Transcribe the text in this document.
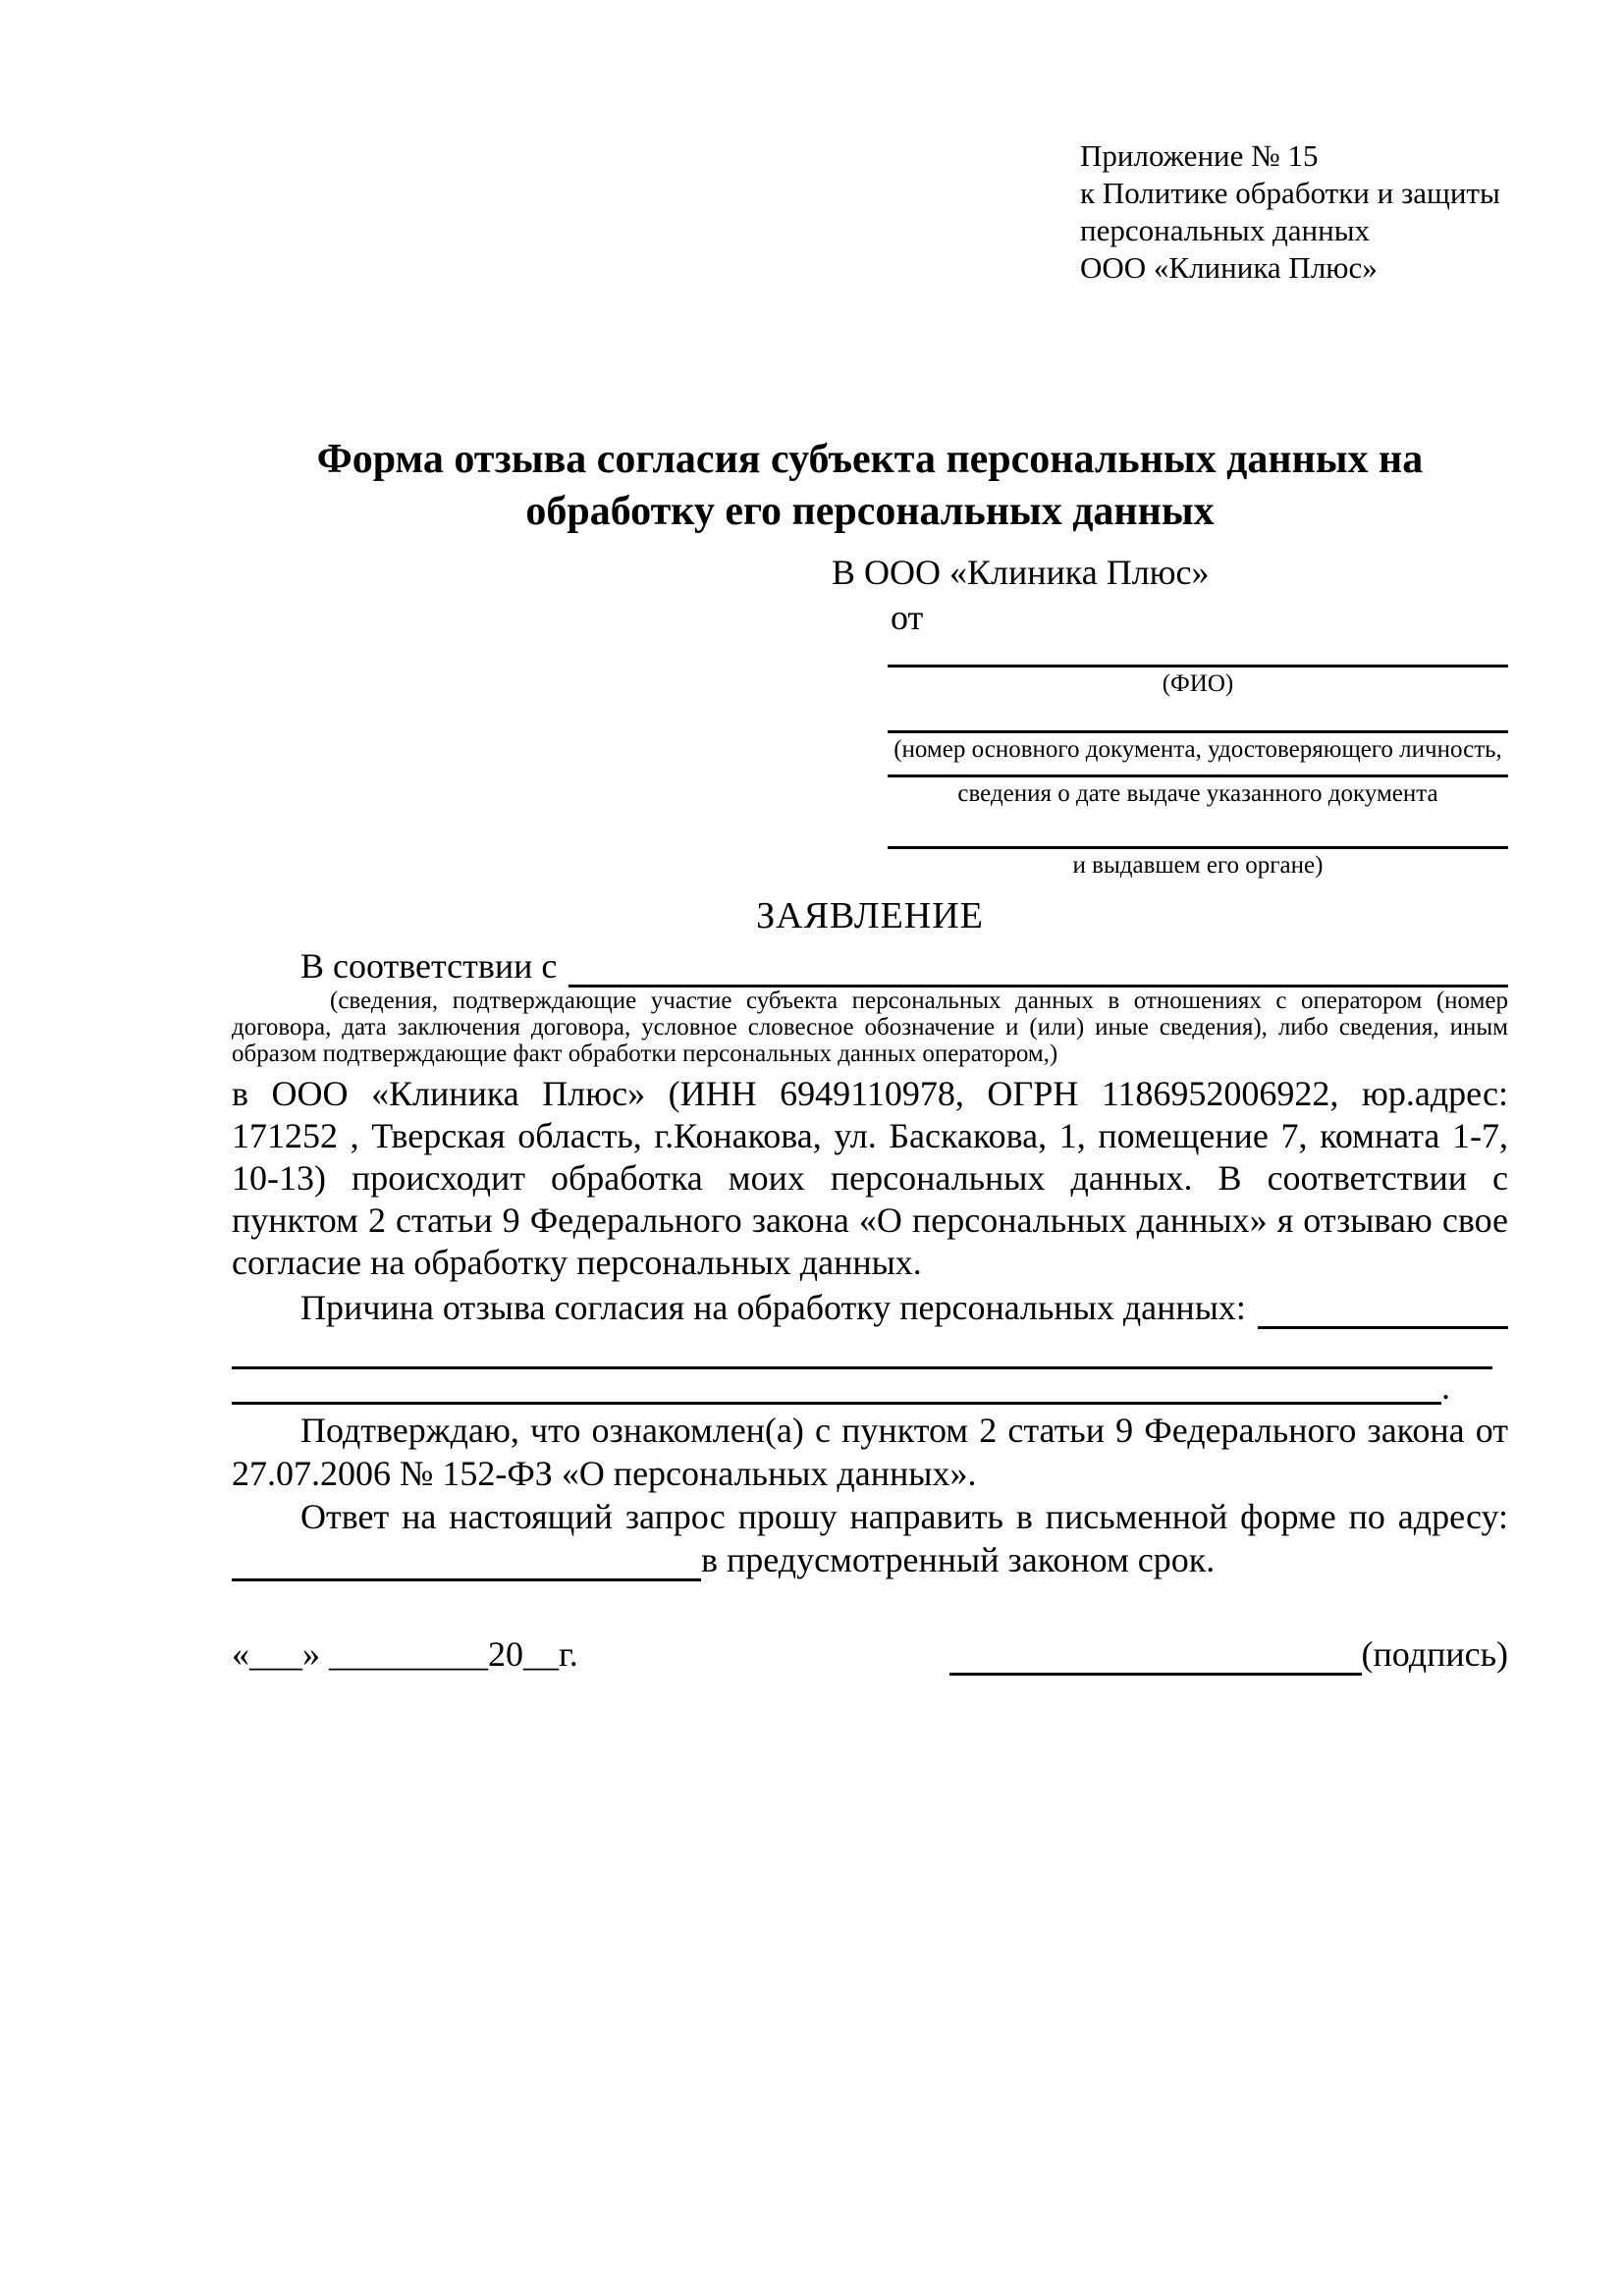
Приложение № 15
к Политике обработки и защиты
персональных данных
ООО «Клиника Плюс»
Форма отзыва согласия субъекта персональных данных на обработку его персональных данных
В ООО «Клиника Плюс»
от
(ФИО)
(номер основного документа, удостоверяющего личность,
сведения о дате выдаче указанного документа
и выдавшем его органе)
ЗАЯВЛЕНИЕ
В соответствии с
(сведения, подтверждающие участие субъекта персональных данных в отношениях с оператором (номер договора, дата заключения договора, условное словесное обозначение и (или) иные сведения), либо сведения, иным образом подтверждающие факт обработки персональных данных оператором,)
в ООО «Клиника Плюс» (ИНН 6949110978, ОГРН 1186952006922, юр.адрес: 171252 , Тверская область, г.Конакова, ул. Баскакова, 1, помещение 7, комната 1-7, 10-13) происходит обработка моих персональных данных. В соответствии с пунктом 2 статьи 9 Федерального закона «О персональных данных» я отзываю свое согласие на обработку персональных данных.
Причина отзыва согласия на обработку персональных данных:
.
Подтверждаю, что ознакомлен(а) с пунктом 2 статьи 9 Федерального закона от 27.07.2006 № 152-ФЗ «О персональных данных».
Ответ на настоящий запрос прошу направить в письменной форме по адресу:
в предусмотренный законом срок.
«___» _________20__г.	(подпись)
